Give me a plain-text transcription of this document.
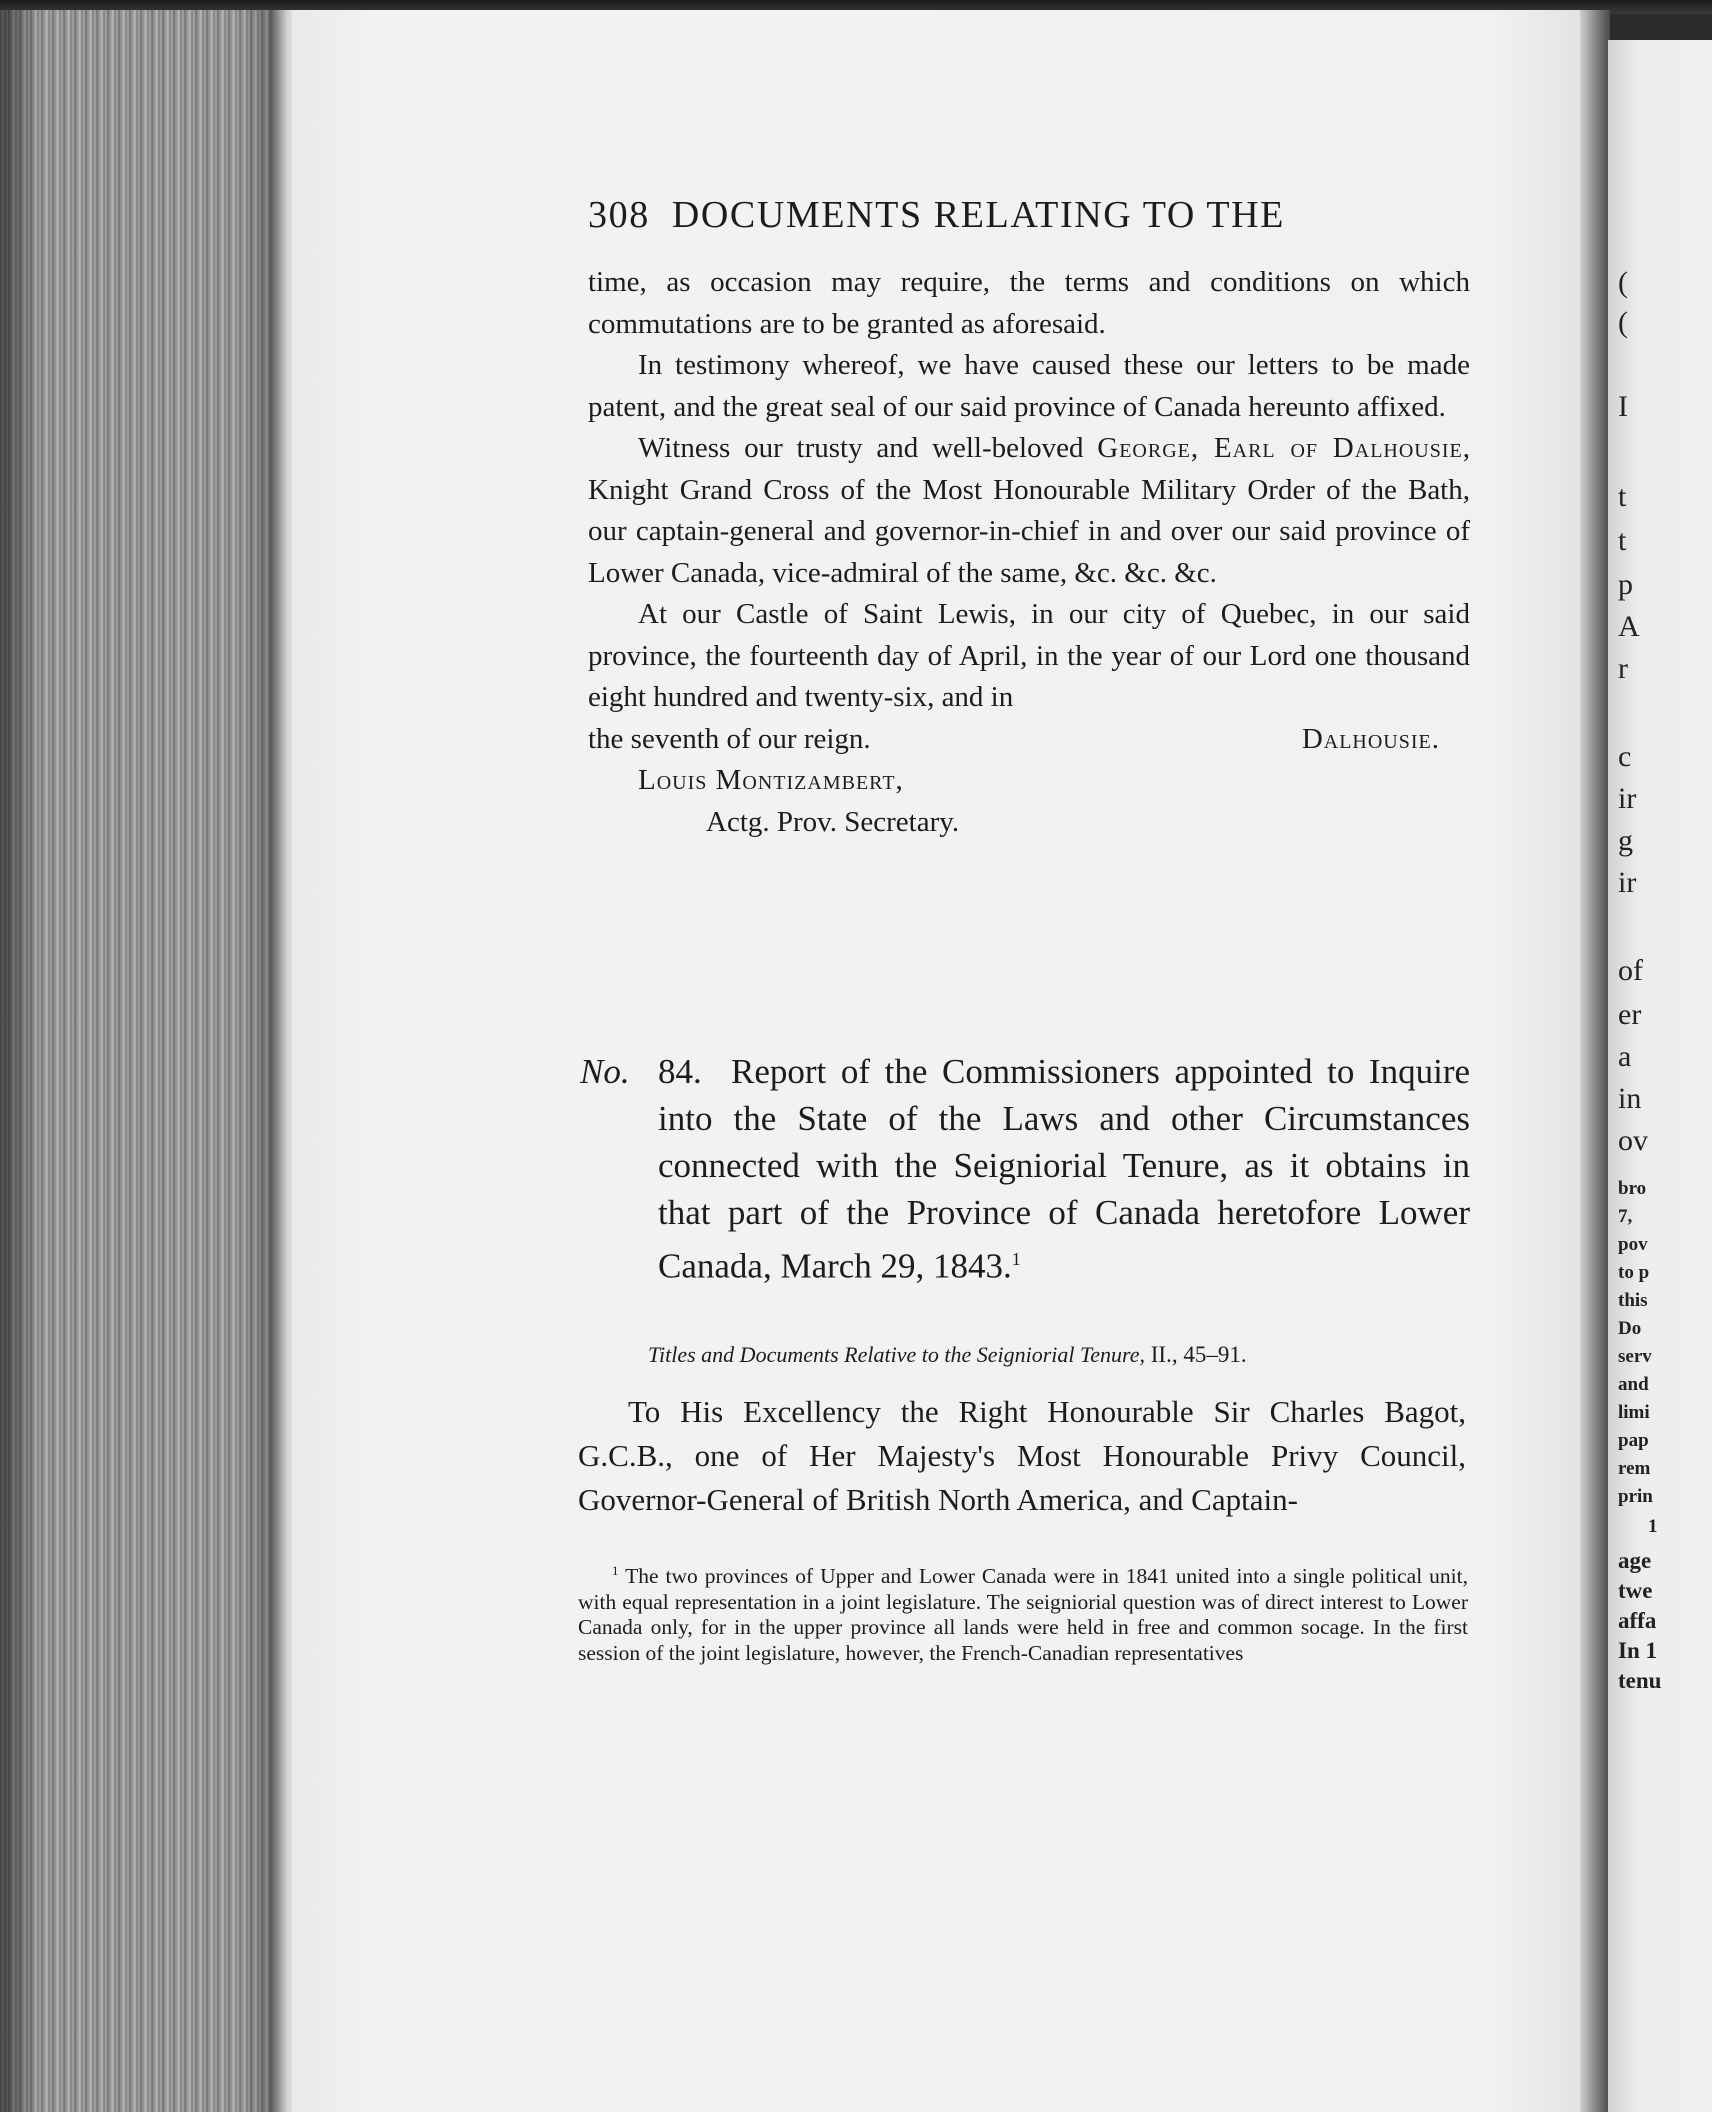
(
(
I
t
t
p
A
r
c
ir
g
ir
of
er
a
in
ov
bro
7,
pov
to p
this
Do
serv
and
limi
pap
rem
prin
1
age
twe
affa
In 1
tenu
308 DOCUMENTS RELATING TO THE

time, as occasion may require, the terms and conditions on which commutations are to be granted as aforesaid.

In testimony whereof, we have caused these our letters to be made patent, and the great seal of our said province of Canada hereunto affixed.

Witness our trusty and well-beloved George, Earl of Dalhousie, Knight Grand Cross of the Most Honourable Military Order of the Bath, our captain-general and governor-in-chief in and over our said province of Lower Canada, vice-admiral of the same, &c. &c. &c.

At our Castle of Saint Lewis, in our city of Quebec, in our said province, the fourteenth day of April, in the year of our Lord one thousand eight hundred and twenty-six, and in

the seventh of our reign.	Dalhousie.

Louis Montizambert,

Actg. Prov. Secretary.

No. 84. Report of the Commissioners appointed to Inquire into the State of the Laws and other Circumstances connected with the Seigniorial Tenure, as it obtains in that part of the Province of Canada heretofore Lower Canada, March 29, 1843.$^1$
Titles and Documents Relative to the Seigniorial Tenure, II., 45–91.
To His Excellency the Right Honourable Sir Charles Bagot, G.C.B., one of Her Majesty's Most Honourable Privy Council, Governor-General of British North America, and Captain-
$^1$ The two provinces of Upper and Lower Canada were in 1841 united into a single political unit, with equal representation in a joint legislature. The seigniorial question was of direct interest to Lower Canada only, for in the upper province all lands were held in free and common socage. In the first session of the joint legislature, however, the French-Canadian representatives
